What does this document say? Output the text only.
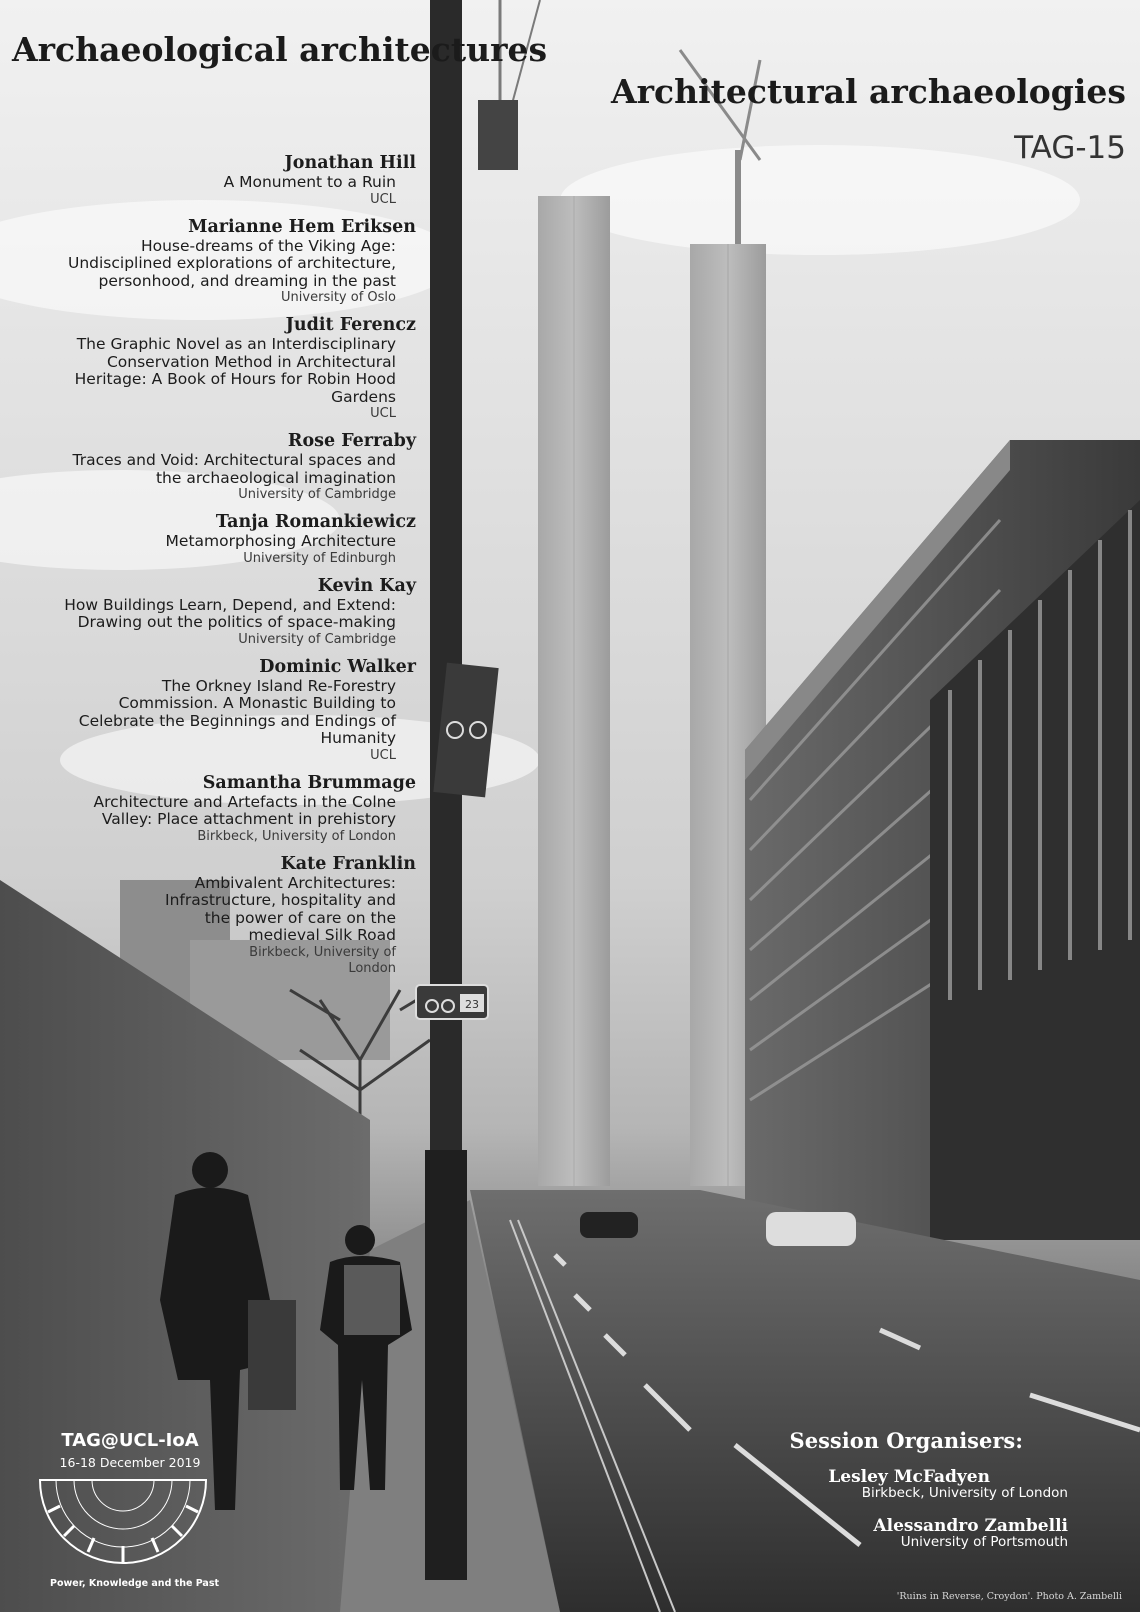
23
Archaeological architectures
Architectural archaeologies
TAG-15
Jonathan Hill
A Monument to a Ruin
UCL
Marianne Hem Eriksen
House-dreams of the Viking Age:
Undisciplined explorations of architecture,
personhood, and dreaming in the past
University of Oslo
Judit Ferencz
The Graphic Novel as an Interdisciplinary
Conservation Method in Architectural
Heritage: A Book of Hours for Robin Hood
Gardens
UCL
Rose Ferraby
Traces and Void: Architectural spaces and
the archaeological imagination
University of Cambridge
Tanja Romankiewicz
Metamorphosing Architecture
University of Edinburgh
Kevin Kay
How Buildings Learn, Depend, and Extend:
Drawing out the politics of space-making
University of Cambridge
Dominic Walker
The Orkney Island Re-Forestry
Commission. A Monastic Building to
Celebrate the Beginnings and Endings of
Humanity
UCL
Samantha Brummage
Architecture and Artefacts in the Colne
Valley: Place attachment in prehistory
Birkbeck, University of London
Kate Franklin
Ambivalent Architectures:
Infrastructure, hospitality and
the power of care on the
medieval Silk Road
Birkbeck, University of
London
TAG@UCL-IoA
16-18 December 2019
Power, Knowledge and the Past
Session Organisers:
Lesley McFadyen
Birkbeck, University of London
Alessandro Zambelli
University of Portsmouth
'Ruins in Reverse, Croydon'. Photo A. Zambelli
